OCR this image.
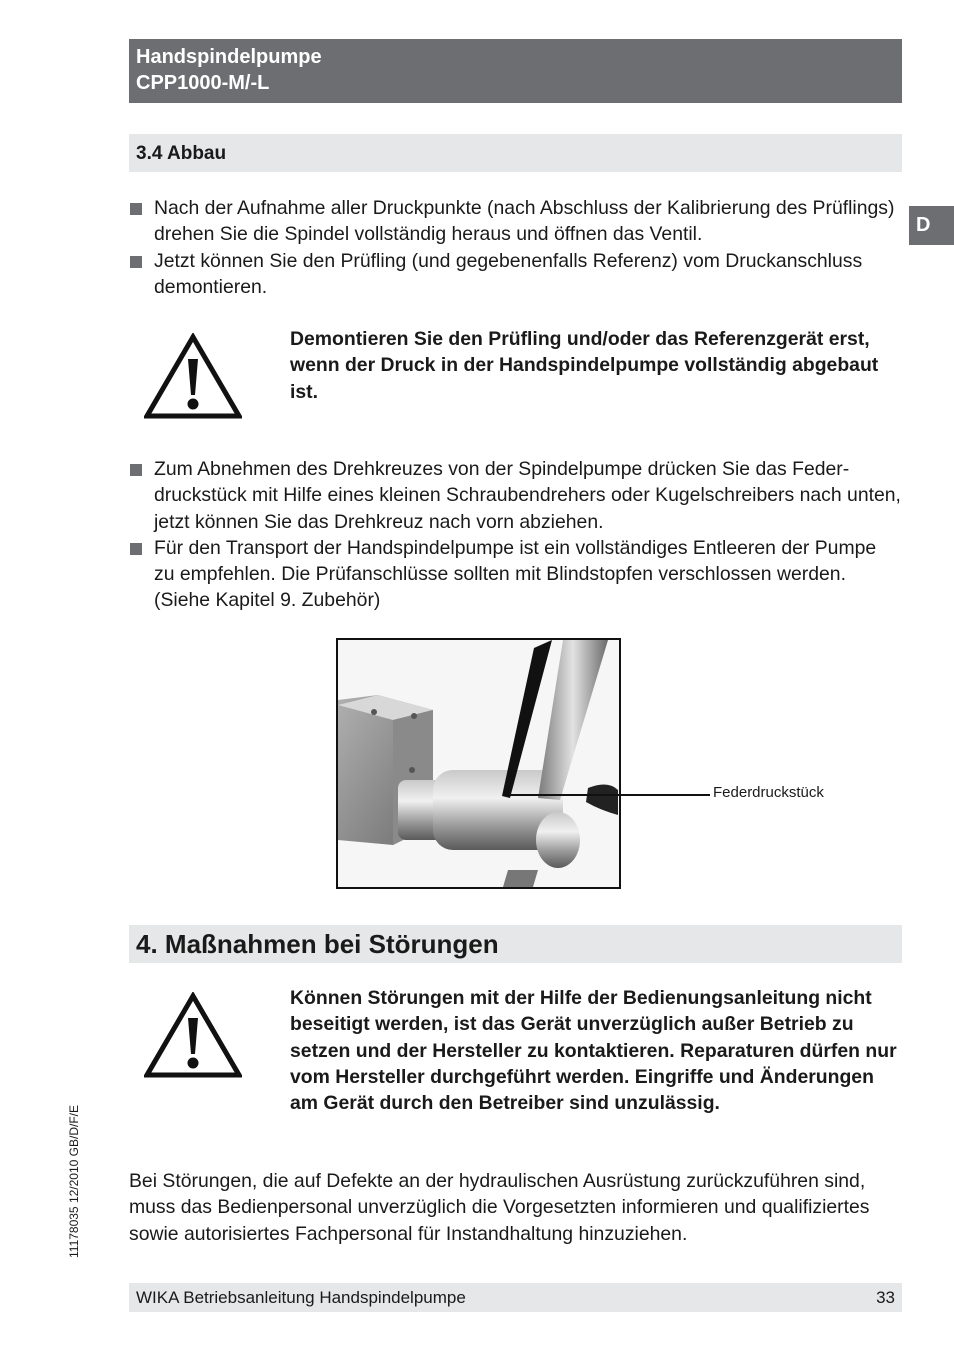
Handspindelpumpe
CPP1000-M/-L
3.4 Abbau
D
Nach der Aufnahme aller Druckpunkte (nach Abschluss der Kalibrierung des Prüflings) drehen Sie die Spindel vollständig heraus und öffnen das Ventil.
Jetzt können Sie den Prüfling (und gegebenenfalls Referenz) vom Druckanschluss demontieren.
Demontieren Sie den Prüfling und/oder das Referenzgerät erst, wenn der Druck in der Handspindelpumpe vollständig abgebaut ist.
Zum Abnehmen des Drehkreuzes von der Spindelpumpe drücken Sie das Federdruckstück mit Hilfe eines kleinen Schraubendrehers oder Kugelschreibers nach unten, jetzt können Sie das Drehkreuz nach vorn abziehen.
Für den Transport der Handspindelpumpe ist ein vollständiges Entleeren der Pumpe zu empfehlen. Die Prüfanschlüsse sollten mit Blindstopfen verschlossen werden. (Siehe Kapitel 9. Zubehör)
Federdruckstück
4. Maßnahmen bei Störungen
Können Störungen mit der Hilfe der Bedienungsanleitung nicht beseitigt werden, ist das Gerät unverzüglich außer Betrieb zu setzen und der Hersteller zu kontaktieren. Reparaturen dürfen nur vom Hersteller durchgeführt werden. Eingriffe und Änderungen am Gerät durch den Betreiber sind unzulässig.
Bei Störungen, die auf Defekte an der hydraulischen Ausrüstung zurückzuführen sind, muss das Bedienpersonal unverzüglich die Vorgesetzten informieren und qualifiziertes sowie autorisiertes Fachpersonal für Instandhaltung hinzuziehen.
11178035 12/2010 GB/D/F/E
WIKA Betriebsanleitung Handspindelpumpe	33
